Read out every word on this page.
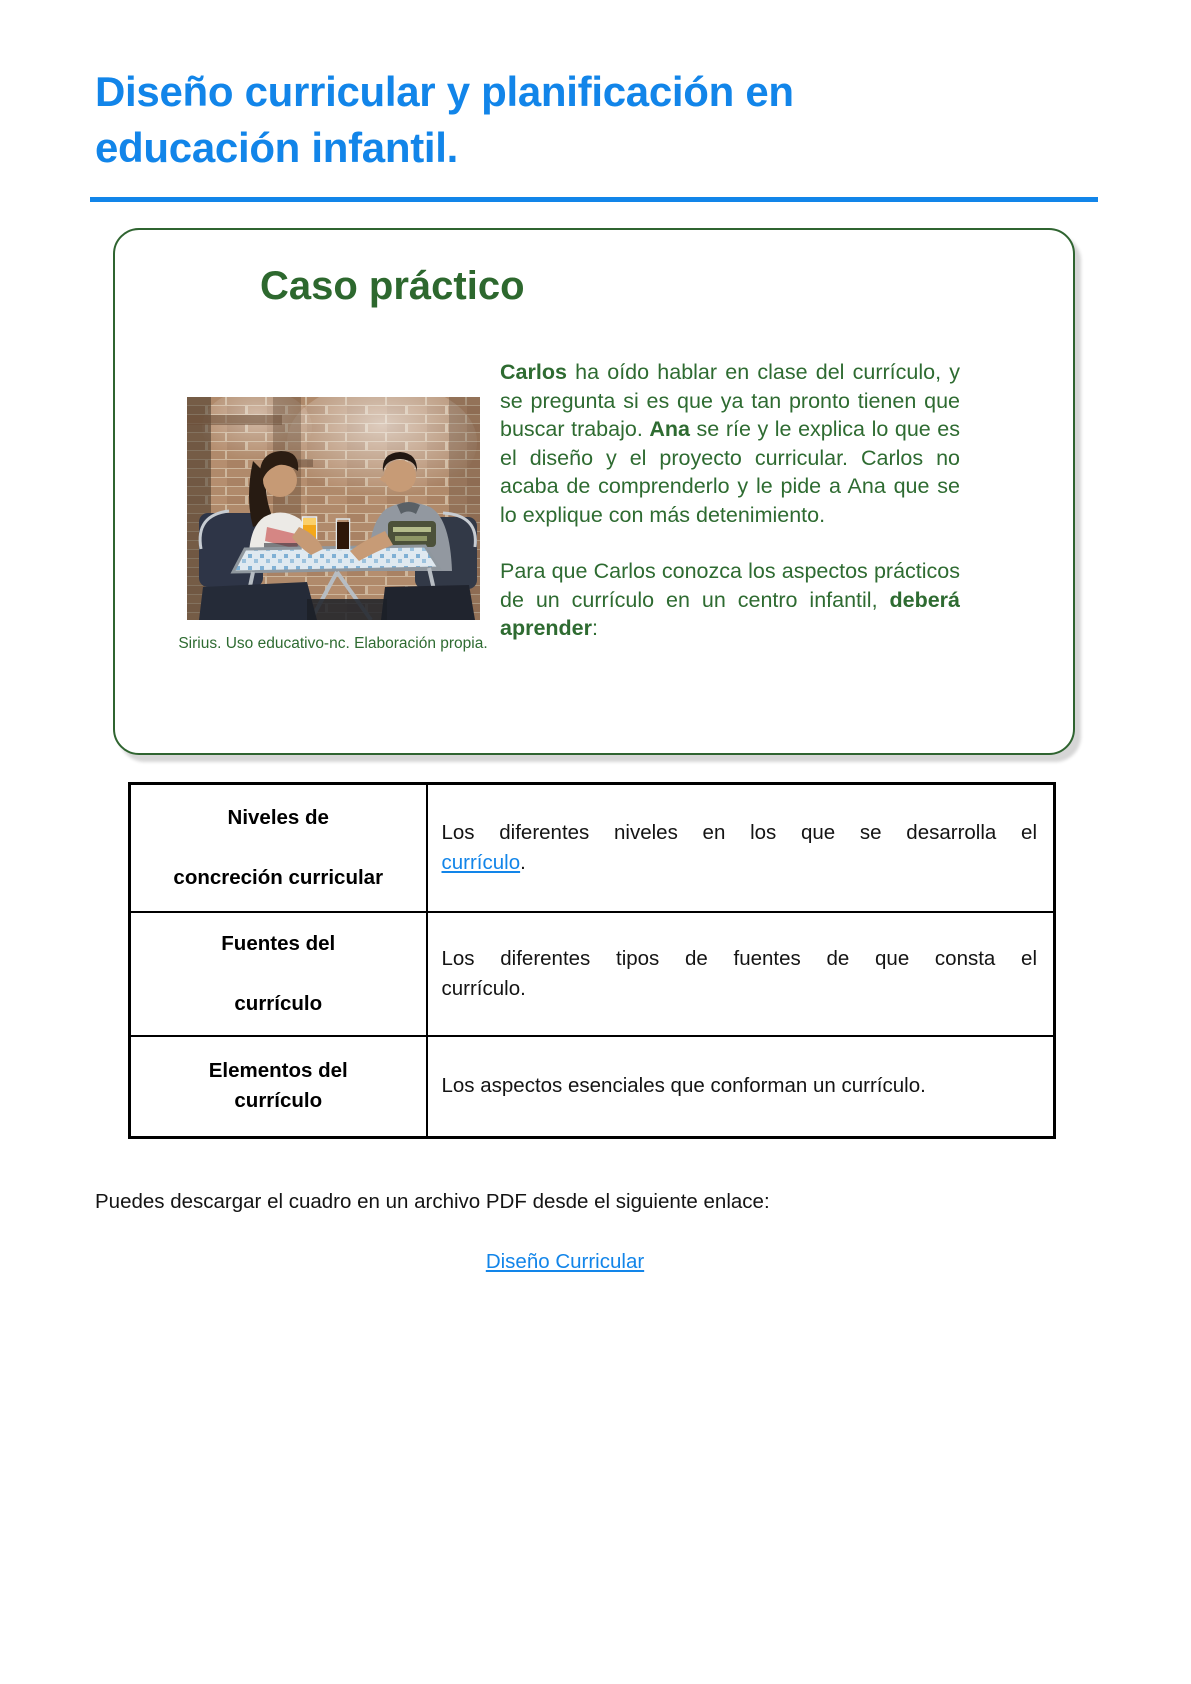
Diseño curricular y planificación en
educación infantil.
Caso práctico
Sirius. Uso educativo-nc. Elaboración propia.

Carlos ha oído hablar en clase del currículo, y se pregunta si es que ya tan pronto tienen que buscar trabajo. Ana se ríe y le explica lo que es el diseño y el proyecto curricular. Carlos no acaba de comprenderlo y le pide a Ana que se lo explique con más detenimiento.

Para que Carlos conozca los aspectos prácticos de un currículo en un centro infantil, deberá aprender:

Niveles de
concreción curricular
	Los diferentes niveles en los que se desarrolla el
currículo.

Fuentes del
currículo
	Los diferentes tipos de fuentes de que consta el
currículo.

Elementos del
currículo	Los aspectos esenciales que conforman un currículo.

Puedes descargar el cuadro en un archivo PDF desde el siguiente enlace:

Diseño Curricular
